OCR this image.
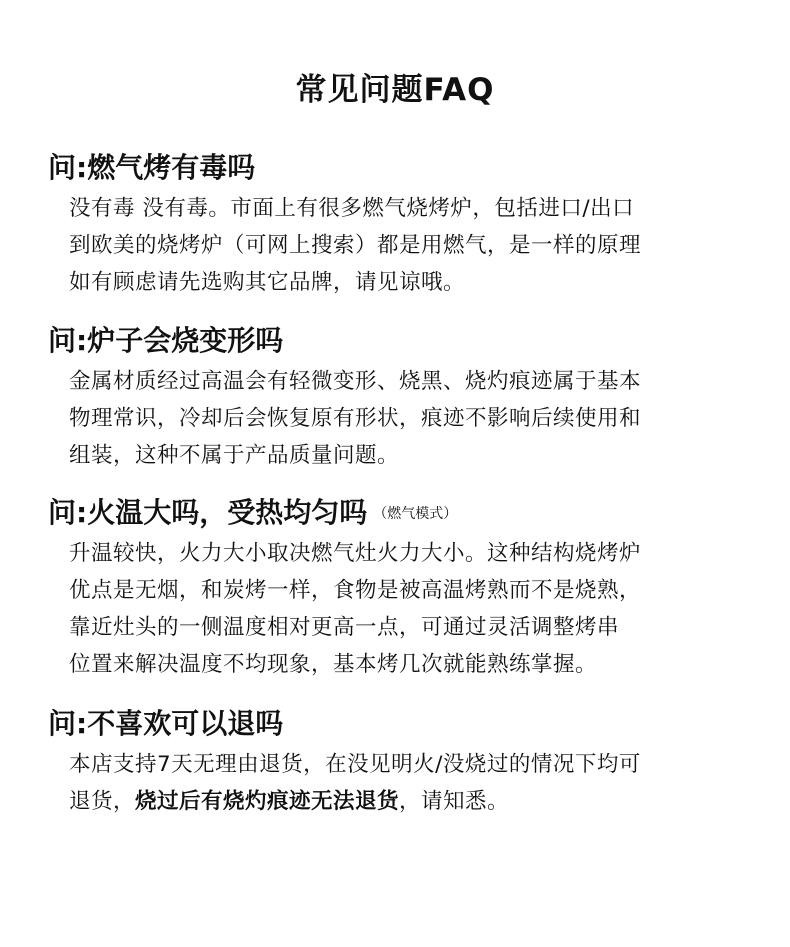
常见问题FAQ
问:燃气烤有毒吗
没有毒 没有毒。市面上有很多燃气烧烤炉，包括进口/出口
到欧美的烧烤炉（可网上搜索）都是用燃气，是一样的原理
如有顾虑请先选购其它品牌，请见谅哦。
问:炉子会烧变形吗
金属材质经过高温会有轻微变形、烧黑、烧灼痕迹属于基本
物理常识，冷却后会恢复原有形状，痕迹不影响后续使用和
组装，这种不属于产品质量问题。
问:火温大吗，受热均匀吗 （燃气模式）
升温较快，火力大小取决燃气灶火力大小。这种结构烧烤炉
优点是无烟，和炭烤一样，食物是被高温烤熟而不是烧熟，
靠近灶头的一侧温度相对更高一点，可通过灵活调整烤串
位置来解决温度不均现象，基本烤几次就能熟练掌握。
问:不喜欢可以退吗
本店支持7天无理由退货，在没见明火/没烧过的情况下均可
退货，烧过后有烧灼痕迹无法退货，请知悉。
